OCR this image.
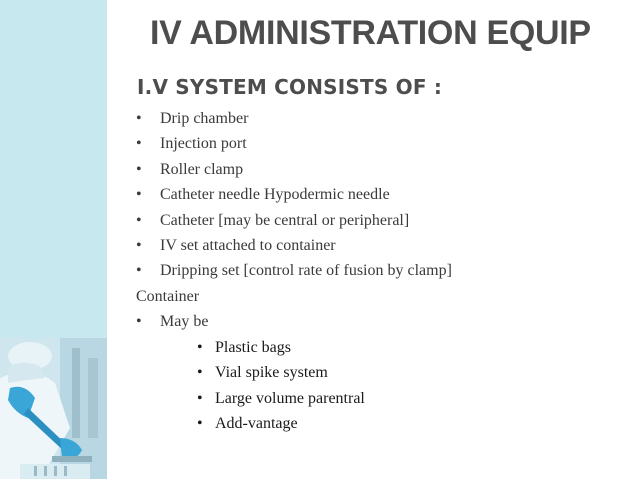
IV ADMINISTRATION EQUIP
I.V SYSTEM CONSISTS OF :
• Drip chamber
• Injection port
• Roller clamp
• Catheter needle Hypodermic needle
• Catheter [may be central or peripheral]
• IV set attached to container
• Dripping set [control rate of fusion by clamp]
Container
• May be
• Plastic bags
• Vial spike system
• Large volume parentral
• Add-vantage
